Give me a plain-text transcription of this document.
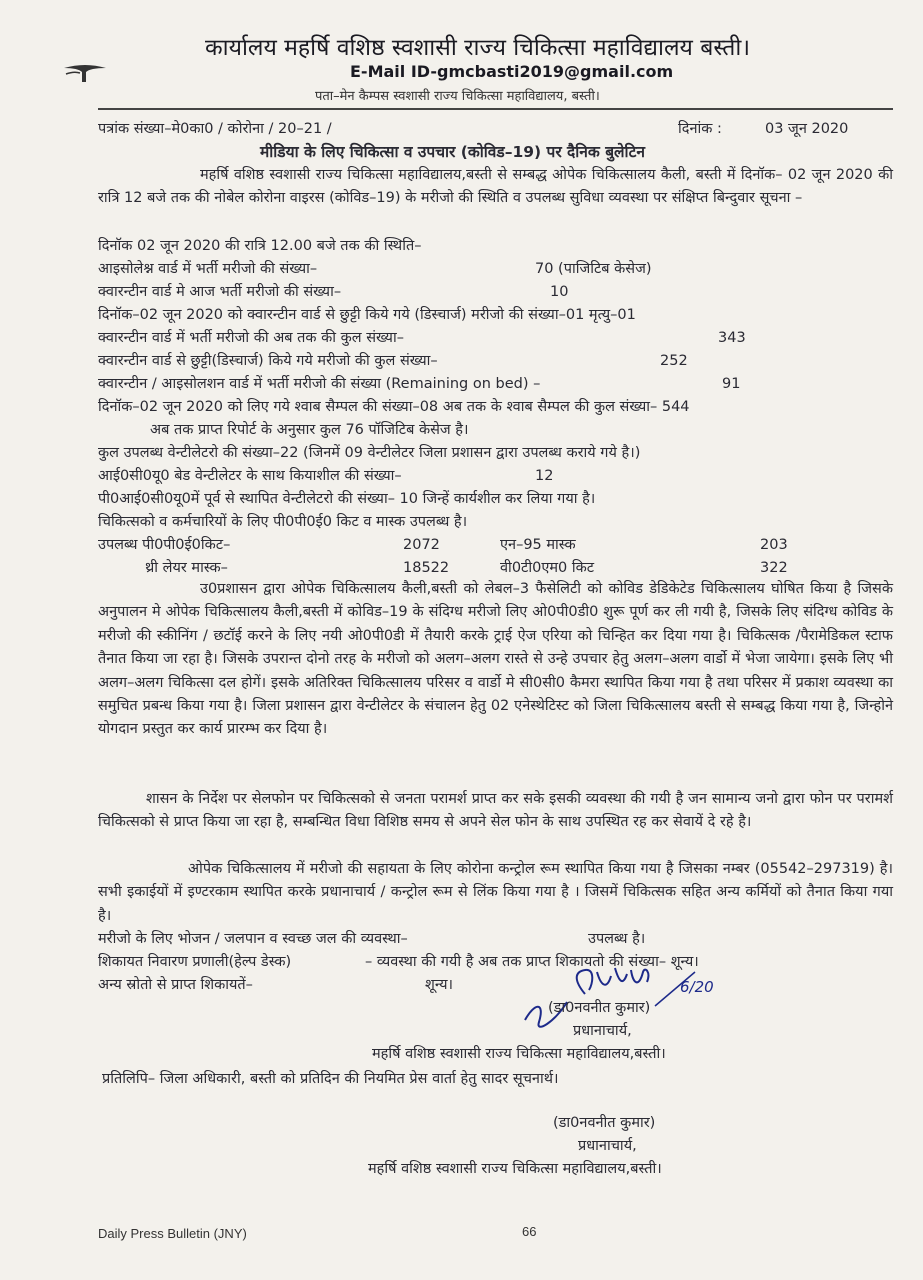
कार्यालय महर्षि वशिष्ठ स्वशासी राज्य चिकित्सा महाविद्यालय बस्ती।
E-Mail ID-gmcbasti2019@gmail.com
पता–मेन कैम्पस स्वशासी राज्य चिकित्सा महाविद्यालय, बस्ती।
पत्रांक संख्या–मे0का0 / कोरोना / 20–21 /	दिनांक :	03 जून 2020
मीडिया के लिए चिकित्सा व उपचार (कोविड–19) पर दैनिक बुलेटिन
महर्षि वशिष्ठ स्वशासी राज्य चिकित्सा महाविद्यालय,बस्ती से सम्बद्ध ओपेक चिकित्सालय कैली, बस्ती में दिनॉक– 02 जून 2020 की रात्रि 12 बजे तक की नोबेल कोरोना वाइरस (कोविड–19) के मरीजो की स्थिति व उपलब्ध सुविधा व्यवस्था पर संक्षिप्त बिन्दुवार सूचना –
दिनॉक 02 जून 2020 की रात्रि 12.00 बजे तक की स्थिति–
आइसोलेश्न वार्ड में भर्ती मरीजो की संख्या–	70 (पाजिटिब केसेज)
क्वारन्टीन वार्ड मे आज भर्ती मरीजो की संख्या–	10
दिनॉक–02 जून 2020 को क्वारन्टीन वार्ड से छुट्टी किये गये (डिस्चार्ज) मरीजो की संख्या–01 मृत्यु–01
क्वारन्टीन वार्ड में भर्ती मरीजो की अब तक की कुल संख्या–	343
क्वारन्टीन वार्ड से छुट्टी(डिस्चार्ज) किये गये मरीजो की कुल संख्या–	252
क्वारन्टीन / आइसोलशन वार्ड में भर्ती मरीजो की संख्या (Remaining on bed) –	91
दिनॉक–02 जून 2020 को लिए गये श्वाब सैम्पल की संख्या–08 अब तक के श्वाब सैम्पल की कुल संख्या– 544
अब तक प्राप्त रिपोर्ट के अनुसार कुल 76 पॉजिटिब केसेज है।
कुल उपलब्ध वेन्टीलेटरो की संख्या–22 (जिनमें 09 वेन्टीलेटर जिला प्रशासन द्वारा उपलब्ध कराये गये है।)
आई0सी0यू0 बेड वेन्टीलेटर के साथ कियाशील की संख्या–	12
पी0आई0सी0यू0में पूर्व से स्थापित वेन्टीलेटरो की संख्या– 10 जिन्हें कार्यशील कर लिया गया है।
चिकित्सको व कर्मचारियों के लिए पी0पी0ई0 किट व मास्क उपलब्ध है।
उपलब्ध पी0पी0ई0किट–	2072	एन–95 मास्क	203
थ्री लेयर मास्क–	18522	वी0टी0एम0 किट	322
उ0प्रशासन द्वारा ओपेक चिकित्सालय कैली,बस्ती को लेबल–3 फैसेलिटी को कोविड डेडिकेटेड चिकित्सालय घोषित किया है जिसके अनुपालन मे ओपेक चिकित्सालय कैली,बस्ती में कोविड–19 के संदिग्ध मरीजो लिए ओ0पी0डी0 शुरू पूर्ण कर ली गयी है, जिसके लिए संदिग्ध कोविड के मरीजो की स्कीनिंग / छटॉई करने के लिए नयी ओ0पी0डी में तैयारी करके ट्राई ऐज एरिया को चिन्हित कर दिया गया है। चिकित्सक /पैरामेडिकल स्टाफ तैनात किया जा रहा है। जिसके उपरान्त दोनो तरह के मरीजो को अलग–अलग रास्ते से उन्हे उपचार हेतु अलग–अलग वार्डो में भेजा जायेगा। इसके लिए भी अलग–अलग चिकित्सा दल होगें। इसके अतिरिक्त चिकित्सालय परिसर व वार्डो मे सी0सी0 कैमरा स्थापित किया गया है तथा परिसर में प्रकाश व्यवस्था का समुचित प्रबन्ध किया गया है। जिला प्रशासन द्वारा वेन्टीलेटर के संचालन हेतु 02 एनेस्थेटिस्ट को जिला चिकित्सालय बस्ती से सम्बद्ध किया गया है, जिन्होने योगदान प्रस्तुत कर कार्य प्रारम्भ कर दिया है।
शासन के निर्देश पर सेलफोन पर चिकित्सको से जनता परामर्श प्राप्त कर सके इसकी व्यवस्था की गयी है जन सामान्य जनो द्वारा फोन पर परामर्श चिकित्सको से प्राप्त किया जा रहा है, सम्बन्धित विधा विशिष्ठ समय से अपने सेल फोन के साथ उपस्थित रह कर सेवायें दे रहे है।
ओपेक चिकित्सालय में मरीजो की सहायता के लिए कोरोना कन्ट्रोल रूम स्थापित किया गया है जिसका नम्बर (05542–297319) है। सभी इकाईयों में इण्टरकाम स्थापित करके प्रधानाचार्य / कन्ट्रोल रूम से लिंक किया गया है । जिसमें चिकित्सक सहित अन्य कर्मियों को तैनात किया गया है।
मरीजो के लिए भोजन / जलपान व स्वच्छ जल की व्यवस्था–	उपलब्ध है।
शिकायत निवारण प्रणाली(हेल्प डेस्क)	– व्यवस्था की गयी है अब तक प्राप्त शिकायतो की संख्या– शून्य।
अन्य स्रोतो से प्राप्त शिकायतें–	शून्य।
(डा0नवनीत कुमार)
6/20
प्रधानाचार्य,
महर्षि वशिष्ठ स्वशासी राज्य चिकित्सा महाविद्यालय,बस्ती।
प्रतिलिपि– जिला अधिकारी, बस्ती को प्रतिदिन की नियमित प्रेस वार्ता हेतु सादर सूचनार्थ।
(डा0नवनीत कुमार)
प्रधानाचार्य,
महर्षि वशिष्ठ स्वशासी राज्य चिकित्सा महाविद्यालय,बस्ती।
Daily Press Bulletin (JNY)	66
